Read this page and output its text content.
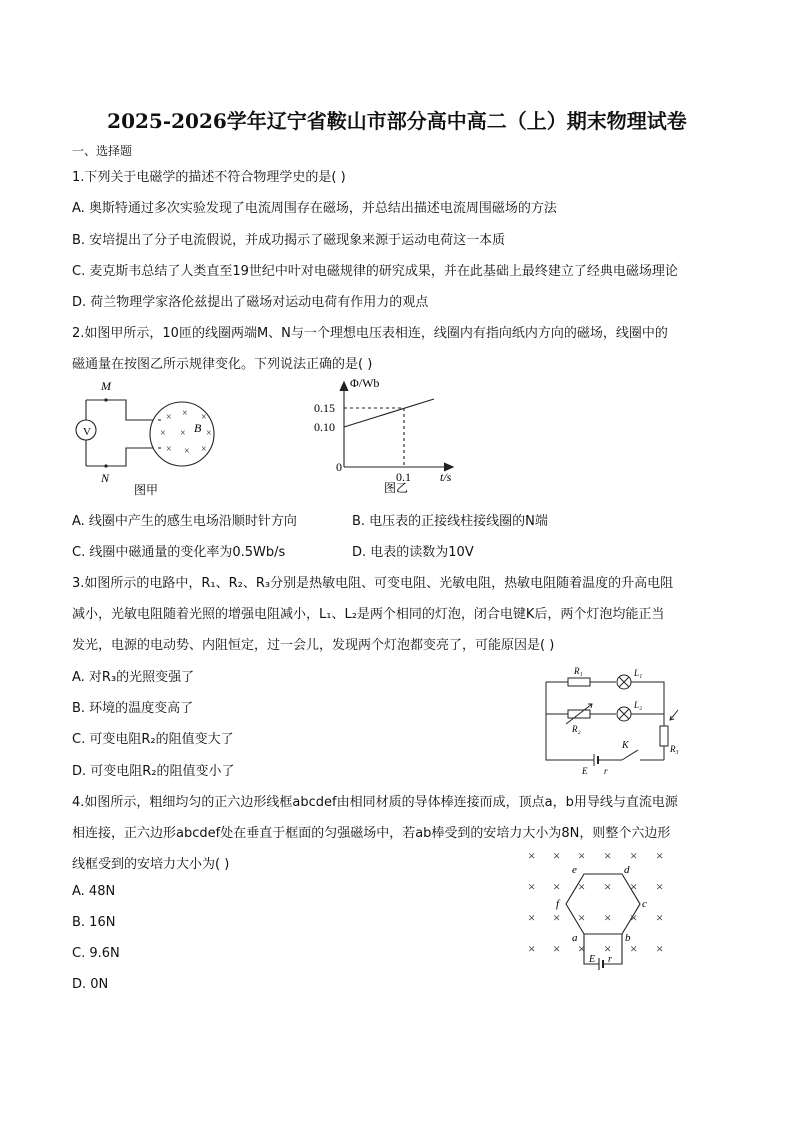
2025-2026学年辽宁省鞍山市部分高中高二（上）期末物理试卷
一、选择题
1.下列关于电磁学的描述不符合物理学史的是( )
A. 奥斯特通过多次实验发现了电流周围存在磁场，并总结出描述电流周围磁场的方法
B. 安培提出了分子电流假说，并成功揭示了磁现象来源于运动电荷这一本质
C. 麦克斯韦总结了人类直至19世纪中叶对电磁规律的研究成果，并在此基础上最终建立了经典电磁场理论
D. 荷兰物理学家洛伦兹提出了磁场对运动电荷有作用力的观点
2.如图甲所示，10匝的线圈两端M、N与一个理想电压表相连，线圈内有指向纸内方向的磁场，线圈中的
磁通量在按图乙所示规律变化。下列说法正确的是( )
V
M
N
B
× × ×
× × ×
× × ×
图甲
Φ/Wb
0.15
0.10
0
0.1 t/s
图乙
A. 线圈中产生的感生电场沿顺时针方向	B. 电压表的正接线柱接线圈的N端
C. 线圈中磁通量的变化率为0.5Wb/s	D. 电表的读数为10V
3.如图所示的电路中，R₁、R₂、R₃分别是热敏电阻、可变电阻、光敏电阻，热敏电阻随着温度的升高电阻
减小，光敏电阻随着光照的增强电阻减小，L₁、L₂是两个相同的灯泡，闭合电键K后，两个灯泡均能正当
发光，电源的电动势、内阻恒定，过一会儿，发现两个灯泡都变亮了，可能原因是( )
A. 对R₃的光照变强了
B. 环境的温度变高了
C. 可变电阻R₂的阻值变大了
D. 可变电阻R₂的阻值变小了
R₁	L₁
L₂
R₂
R₃
K
E r
4.如图所示，粗细均匀的正六边形线框abcdef由相同材质的导体棒连接而成，顶点a，b用导线与直流电源
相连接，正六边形abcdef处在垂直于框面的匀强磁场中，若ab棒受到的安培力大小为8N，则整个六边形
线框受到的安培力大小为( )
A. 48N
B. 16N
C. 9.6N
D. 0N
× × × × × ×
× × × × × ×
× × × × × ×
× × × × × ×
a	b
c
d
e
f
E r
